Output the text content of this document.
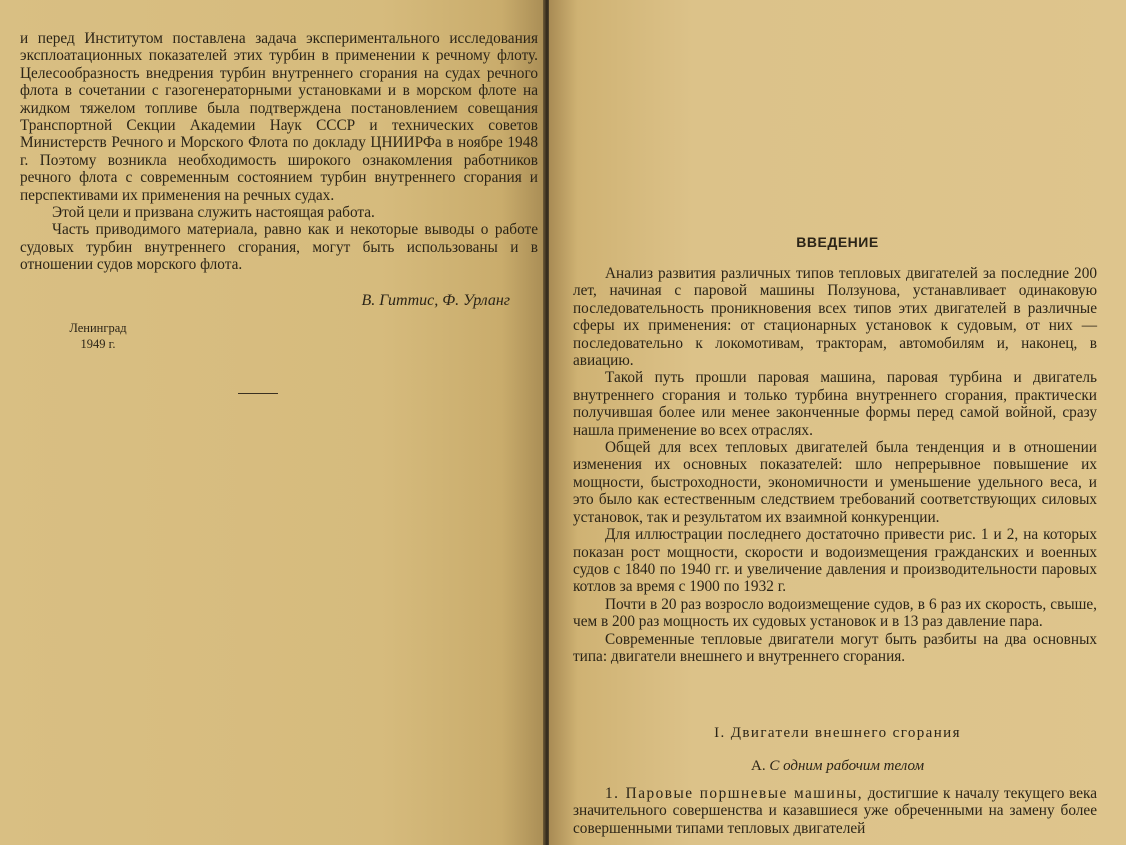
и перед Институтом поставлена задача экспериментального исследования эксплоатационных показателей этих турбин в применении к речному флоту. Целесообразность внедрения турбин внутреннего сгорания на судах речного флота в сочетании с газогенераторными установками и в морском флоте на жидком тяжелом топливе была подтверждена постановлением совещания Транспортной Секции Академии Наук СССР и технических советов Министерств Речного и Морского Флота по докладу ЦНИИРФа в ноябре 1948 г. Поэтому возникла необходимость широкого ознакомления работников речного флота с современным состоянием турбин внутреннего сгорания и перспективами их применения на речных судах.

Этой цели и призвана служить настоящая работа.

Часть приводимого материала, равно как и некоторые выводы о работе судовых турбин внутреннего сгорания, могут быть использованы и в отношении судов морского флота.

В. Гиттис, Ф. Урланг
Ленинград
1949 г.
ВВЕДЕНИЕ

Анализ развития различных типов тепловых двигателей за последние 200 лет, начиная с паровой машины Ползунова, устанавливает одинаковую последовательность проникновения всех типов этих двигателей в различные сферы их применения: от стационарных установок к судовым, от них — последовательно к локомотивам, тракторам, автомобилям и, наконец, в авиацию.

Такой путь прошли паровая машина, паровая турбина и двигатель внутреннего сгорания и только турбина внутреннего сгорания, практически получившая более или менее законченные формы перед самой войной, сразу нашла применение во всех отраслях.

Общей для всех тепловых двигателей была тенденция и в отношении изменения их основных показателей: шло непрерывное повышение их мощности, быстроходности, экономичности и уменьшение удельного веса, и это было как естественным следствием требований соответствующих силовых установок, так и результатом их взаимной конкуренции.

Для иллюстрации последнего достаточно привести рис. 1 и 2, на которых показан рост мощности, скорости и водоизмещения гражданских и военных судов с 1840 по 1940 гг. и увеличение давления и производительности паровых котлов за время с 1900 по 1932 г.

Почти в 20 раз возросло водоизмещение судов, в 6 раз их скорость, свыше, чем в 200 раз мощность их судовых установок и в 13 раз давление пара.

Современные тепловые двигатели могут быть разбиты на два основных типа: двигатели внешнего и внутреннего сгорания.

I. Двигатели внешнего сгорания
А. С одним рабочим телом

1. Паровые поршневые машины, достигшие к началу текущего века значительного совершенства и казавшиеся уже обреченными на замену более совершенными типами тепловых двигателей
